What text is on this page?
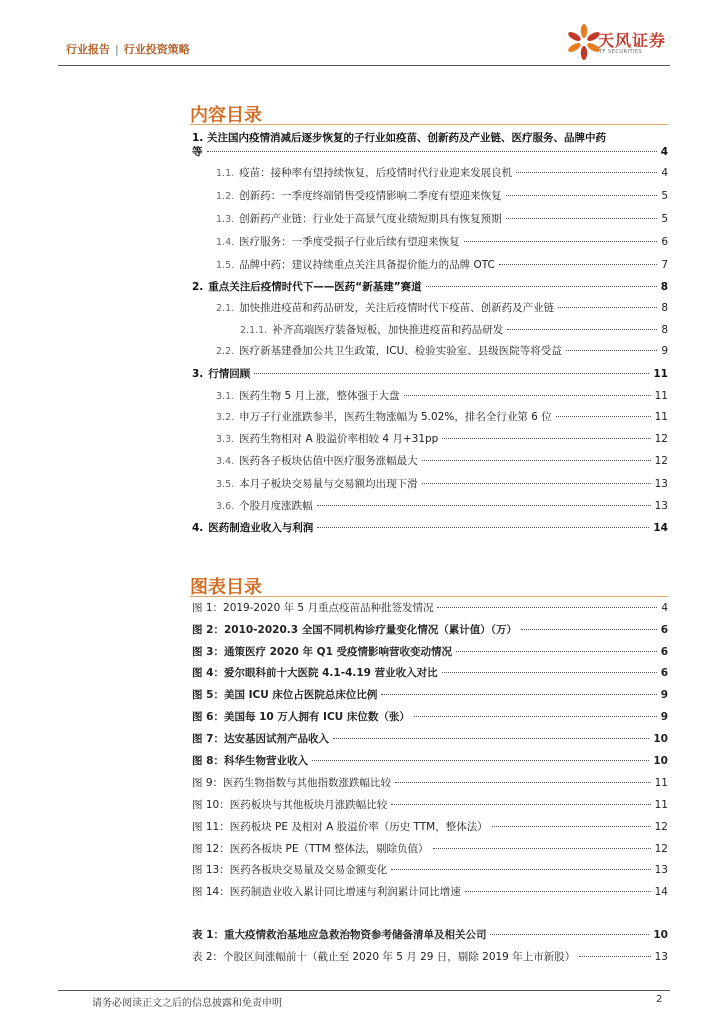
行业报告 | 行业投资策略	天风证券
TF SECURITIES
内容目录
1. 关注国内疫情消减后逐步恢复的子行业如疫苗、创新药及产业链、医疗服务、品牌中药
等	4
1.1. 疫苗：接种率有望持续恢复，后疫情时代行业迎来发展良机	4
1.2. 创新药：一季度终端销售受疫情影响二季度有望迎来恢复	5
1.3. 创新药产业链：行业处于高景气度业绩短期具有恢复预期	5
1.4. 医疗服务：一季度受损子行业后续有望迎来恢复	6
1.5. 品牌中药：建议持续重点关注具备提价能力的品牌 OTC	7
2. 重点关注后疫情时代下——医药“新基建”赛道	8
2.1. 加快推进疫苗和药品研发，关注后疫情时代下疫苗、创新药及产业链	8
2.1.1. 补齐高端医疗装备短板，加快推进疫苗和药品研发	8
2.2. 医疗新基建叠加公共卫生政策，ICU、检验实验室、县级医院等将受益	9
3. 行情回顾	11
3.1. 医药生物 5 月上涨，整体强于大盘	11
3.2. 申万子行业涨跌参半，医药生物涨幅为 5.02%，排名全行业第 6 位	11
3.3. 医药生物相对 A 股溢价率相较 4 月+31pp	12
3.4. 医药各子板块估值中医疗服务涨幅最大	12
3.5. 本月子板块交易量与交易额均出现下滑	13
3.6. 个股月度涨跌幅	13
4. 医药制造业收入与利润	14
图表目录
图 1：2019-2020 年 5 月重点疫苗品种批签发情况	4
图 2：2010-2020.3 全国不同机构诊疗量变化情况（累计值）（万）	6
图 3：通策医疗 2020 年 Q1 受疫情影响营收变动情况	6
图 4：爱尔眼科前十大医院 4.1-4.19 营业收入对比	6
图 5：美国 ICU 床位占医院总床位比例	9
图 6：美国每 10 万人拥有 ICU 床位数（张）	9
图 7：达安基因试剂产品收入	10
图 8：科华生物营业收入	10
图 9：医药生物指数与其他指数涨跌幅比较	11
图 10：医药板块与其他板块月涨跌幅比较	11
图 11：医药板块 PE 及相对 A 股溢价率（历史 TTM，整体法）	12
图 12：医药各板块 PE（TTM 整体法，剔除负值）	12
图 13：医药各板块交易量及交易金额变化	13
图 14：医药制造业收入累计同比增速与利润累计同比增速	14
表 1：重大疫情救治基地应急救治物资参考储备清单及相关公司	10
表 2：个股区间涨幅前十（截止至 2020 年 5 月 29 日，剔除 2019 年上市新股）	13
请务必阅读正文之后的信息披露和免责申明	2
